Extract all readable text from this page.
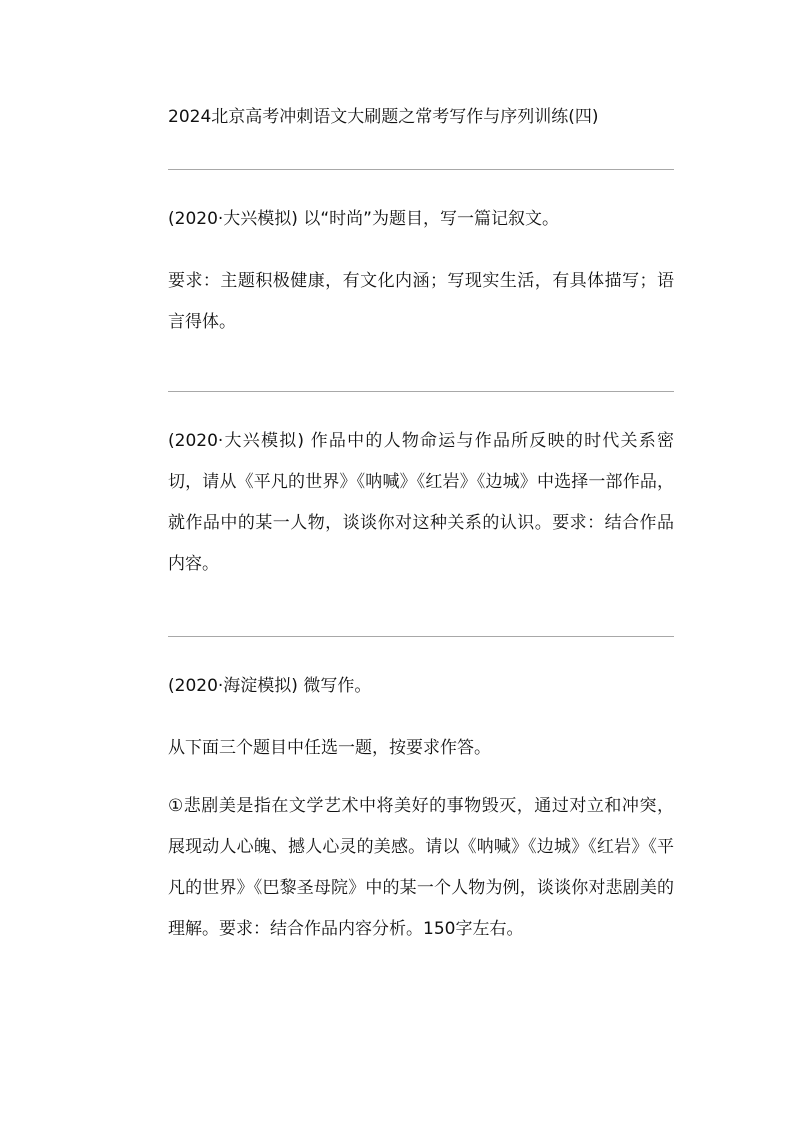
2024北京高考冲刺语文大刷题之常考写作与序列训练(四)
(2020·大兴模拟) 以“时尚”为题目，写一篇记叙文。
要求：主题积极健康，有文化内涵；写现实生活，有具体描写；语言得体。
(2020·大兴模拟) 作品中的人物命运与作品所反映的时代关系密切，请从《平凡的世界》《呐喊》《红岩》《边城》中选择一部作品，就作品中的某一人物，谈谈你对这种关系的认识。要求：结合作品内容。
(2020·海淀模拟) 微写作。
从下面三个题目中任选一题，按要求作答。
①悲剧美是指在文学艺术中将美好的事物毁灭，通过对立和冲突，展现动人心魄、撼人心灵的美感。请以《呐喊》《边城》《红岩》《平凡的世界》《巴黎圣母院》中的某一个人物为例，谈谈你对悲剧美的理解。要求：结合作品内容分析。150字左右。
